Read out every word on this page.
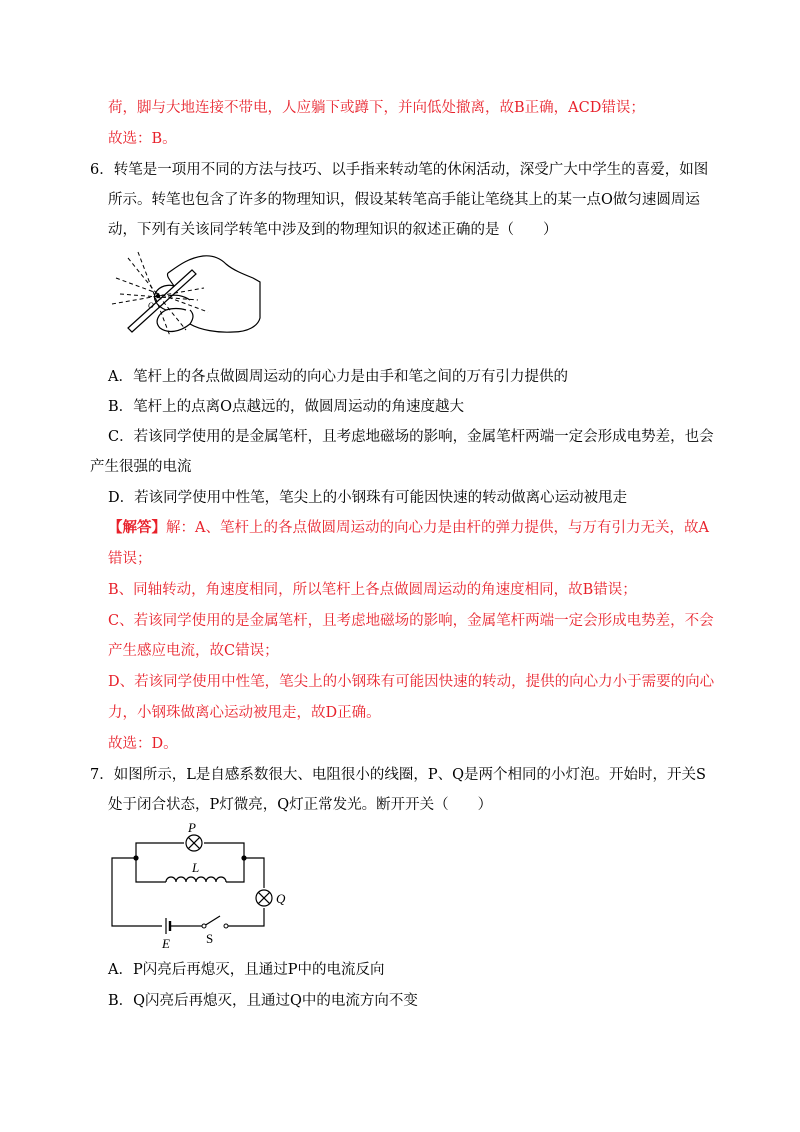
荷，脚与大地连接不带电，人应躺下或蹲下，并向低处撤离，故B正确，ACD错误；
故选：B。
6．转笔是一项用不同的方法与技巧、以手指来转动笔的休闲活动，深受广大中学生的喜爱，如图
所示。转笔也包含了许多的物理知识，假设某转笔高手能让笔绕其上的某一点O做匀速圆周运
动，下列有关该同学转笔中涉及到的物理知识的叙述正确的是（　　）
O
A．笔杆上的各点做圆周运动的向心力是由手和笔之间的万有引力提供的
B．笔杆上的点离O点越远的，做圆周运动的角速度越大
C．若该同学使用的是金属笔杆，且考虑地磁场的影响，金属笔杆两端一定会形成电势差，也会
产生很强的电流
D．若该同学使用中性笔，笔尖上的小钢珠有可能因快速的转动做离心运动被甩走
【解答】解：A、笔杆上的各点做圆周运动的向心力是由杆的弹力提供，与万有引力无关，故A
错误；
B、同轴转动，角速度相同，所以笔杆上各点做圆周运动的角速度相同，故B错误；
C、若该同学使用的是金属笔杆，且考虑地磁场的影响，金属笔杆两端一定会形成电势差，不会
产生感应电流，故C错误；
D、若该同学使用中性笔，笔尖上的小钢珠有可能因快速的转动，提供的向心力小于需要的向心
力，小钢珠做离心运动被甩走，故D正确。
故选：D。
7．如图所示，L是自感系数很大、电阻很小的线圈，P、Q是两个相同的小灯泡。开始时，开关S
处于闭合状态，P灯微亮，Q灯正常发光。断开开关（　　）
P
L
Q
E	S
A．P闪亮后再熄灭，且通过P中的电流反向
B．Q闪亮后再熄灭，且通过Q中的电流方向不变
